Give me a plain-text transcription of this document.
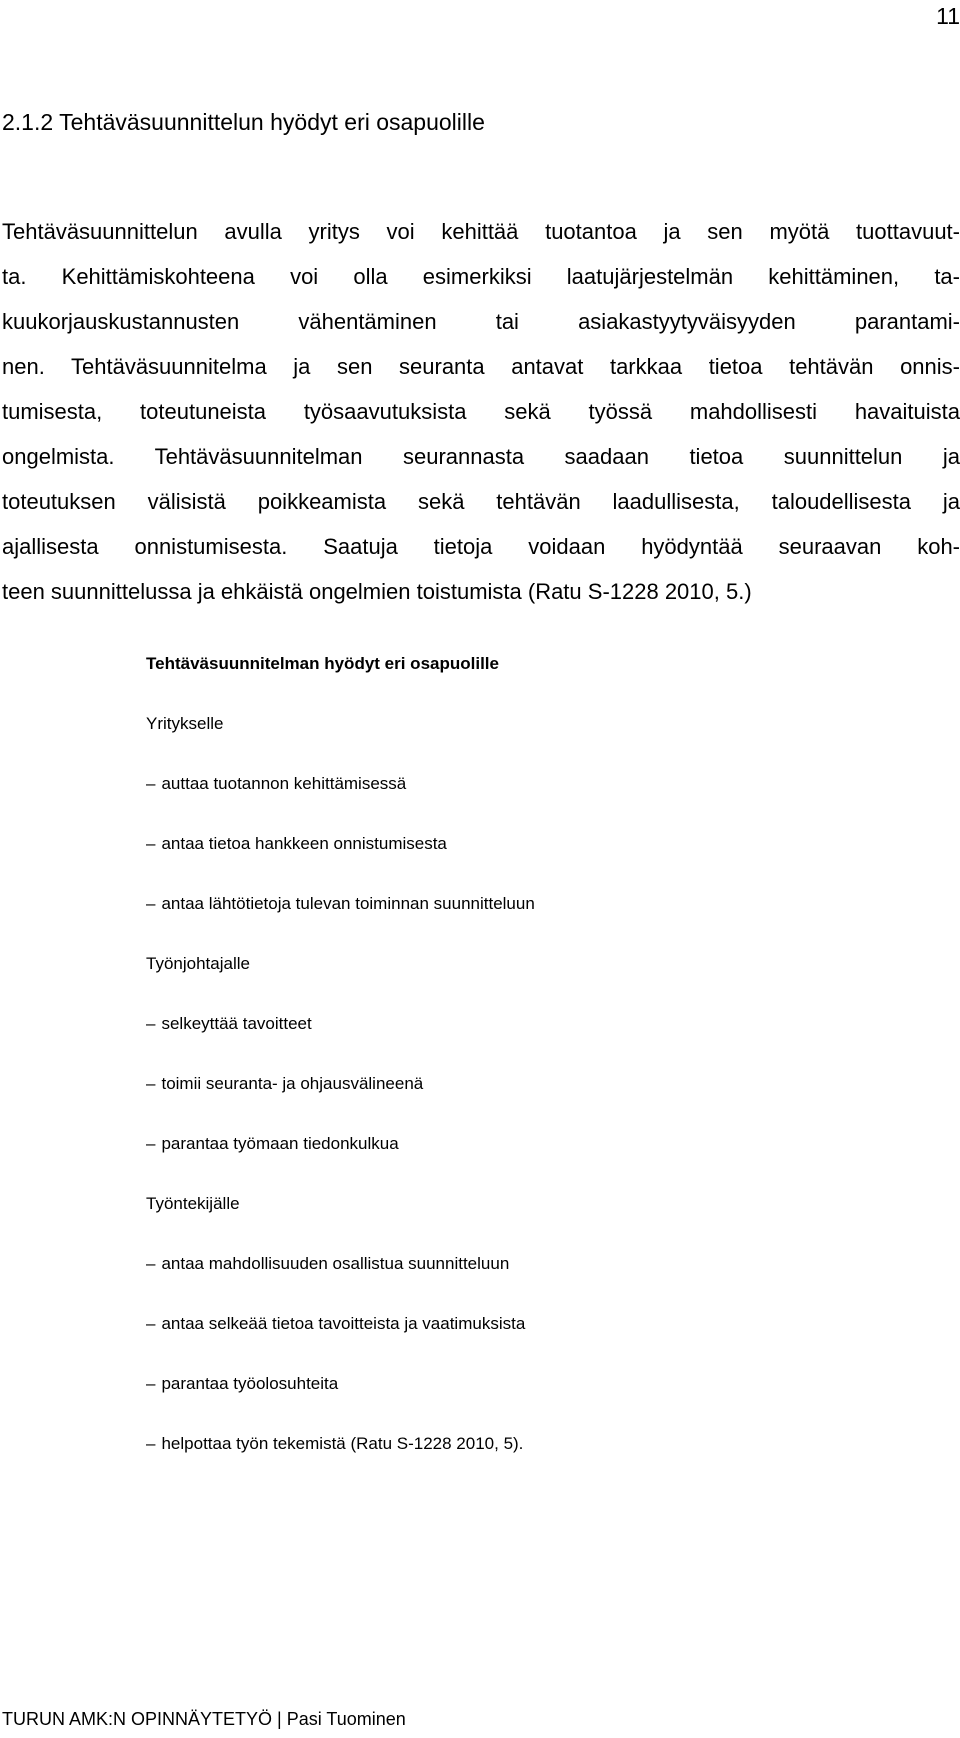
11
2.1.2 Tehtäväsuunnittelun hyödyt eri osapuolille
Tehtäväsuunnittelun avulla yritys voi kehittää tuotantoa ja sen myötä tuottavuut-
ta. Kehittämiskohteena voi olla esimerkiksi laatujärjestelmän kehittäminen, ta-
kuukorjauskustannusten vähentäminen tai asiakastyytyväisyyden parantami-
nen. Tehtäväsuunnitelma ja sen seuranta antavat tarkkaa tietoa tehtävän onnis-
tumisesta, toteutuneista työsaavutuksista sekä työssä mahdollisesti havaituista
ongelmista. Tehtäväsuunnitelman seurannasta saadaan tietoa suunnittelun ja
toteutuksen välisistä poikkeamista sekä tehtävän laadullisesta, taloudellisesta ja
ajallisesta onnistumisesta. Saatuja tietoja voidaan hyödyntää seuraavan koh-
teen suunnittelussa ja ehkäistä ongelmien toistumista (Ratu S-1228 2010, 5.)
Tehtäväsuunnitelman hyödyt eri osapuolille
Yritykselle
– auttaa tuotannon kehittämisessä
– antaa tietoa hankkeen onnistumisesta
– antaa lähtötietoja tulevan toiminnan suunnitteluun
Työnjohtajalle
– selkeyttää tavoitteet
– toimii seuranta- ja ohjausvälineenä
– parantaa työmaan tiedonkulkua
Työntekijälle
– antaa mahdollisuuden osallistua suunnitteluun
– antaa selkeää tietoa tavoitteista ja vaatimuksista
– parantaa työolosuhteita
– helpottaa työn tekemistä (Ratu S-1228 2010, 5).
TURUN AMK:N OPINNÄYTETYÖ | Pasi Tuominen
